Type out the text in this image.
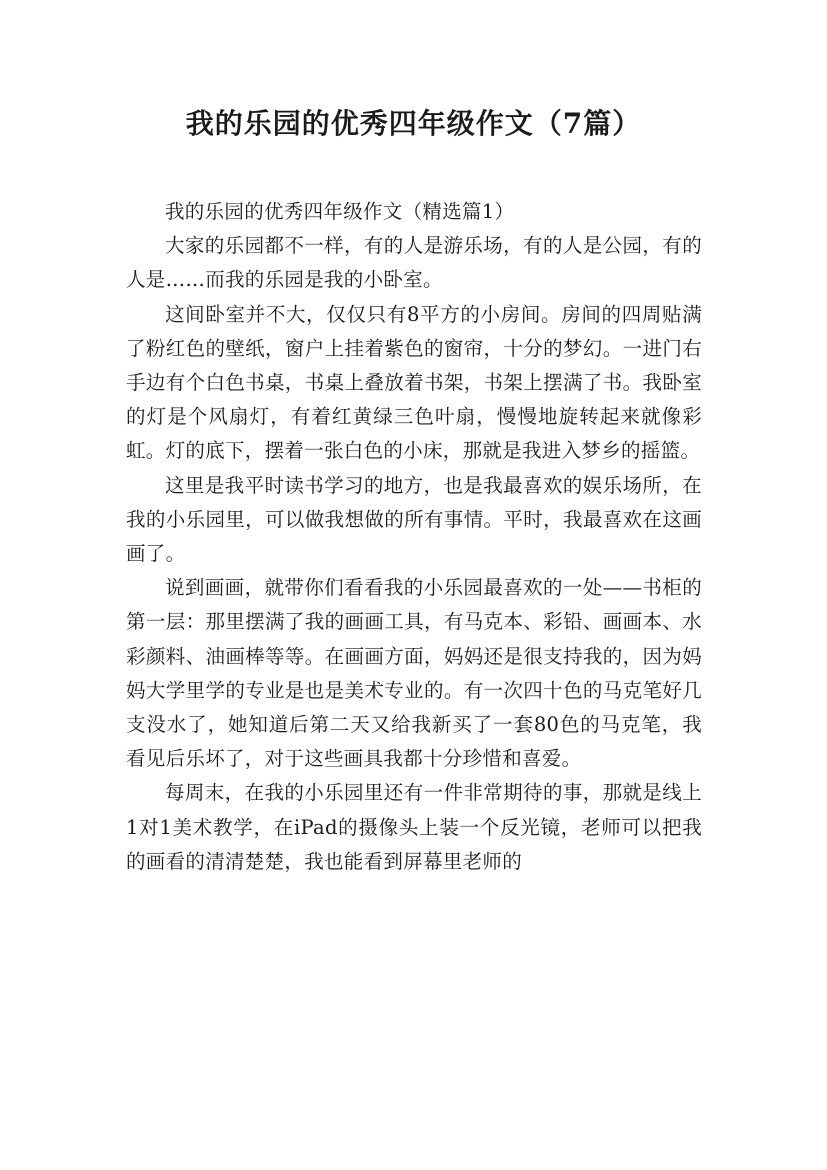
我的乐园的优秀四年级作文（7篇）

我的乐园的优秀四年级作文（精选篇1）

大家的乐园都不一样，有的人是游乐场，有的人是公园，有的人是……而我的乐园是我的小卧室。

这间卧室并不大，仅仅只有8平方的小房间。房间的四周贴满了粉红色的壁纸，窗户上挂着紫色的窗帘，十分的梦幻。一进门右手边有个白色书桌，书桌上叠放着书架，书架上摆满了书。我卧室的灯是个风扇灯，有着红黄绿三色叶扇，慢慢地旋转起来就像彩虹。灯的底下，摆着一张白色的小床，那就是我进入梦乡的摇篮。

这里是我平时读书学习的地方，也是我最喜欢的娱乐场所，在我的小乐园里，可以做我想做的所有事情。平时，我最喜欢在这画画了。

说到画画，就带你们看看我的小乐园最喜欢的一处——书柜的第一层：那里摆满了我的画画工具，有马克本、彩铅、画画本、水彩颜料、油画棒等等。在画画方面，妈妈还是很支持我的，因为妈妈大学里学的专业是也是美术专业的。有一次四十色的马克笔好几支没水了，她知道后第二天又给我新买了一套80色的马克笔，我看见后乐坏了，对于这些画具我都十分珍惜和喜爱。

每周末，在我的小乐园里还有一件非常期待的事，那就是线上1对1美术教学，在iPad的摄像头上装一个反光镜，老师可以把我的画看的清清楚楚，我也能看到屏幕里老师的
